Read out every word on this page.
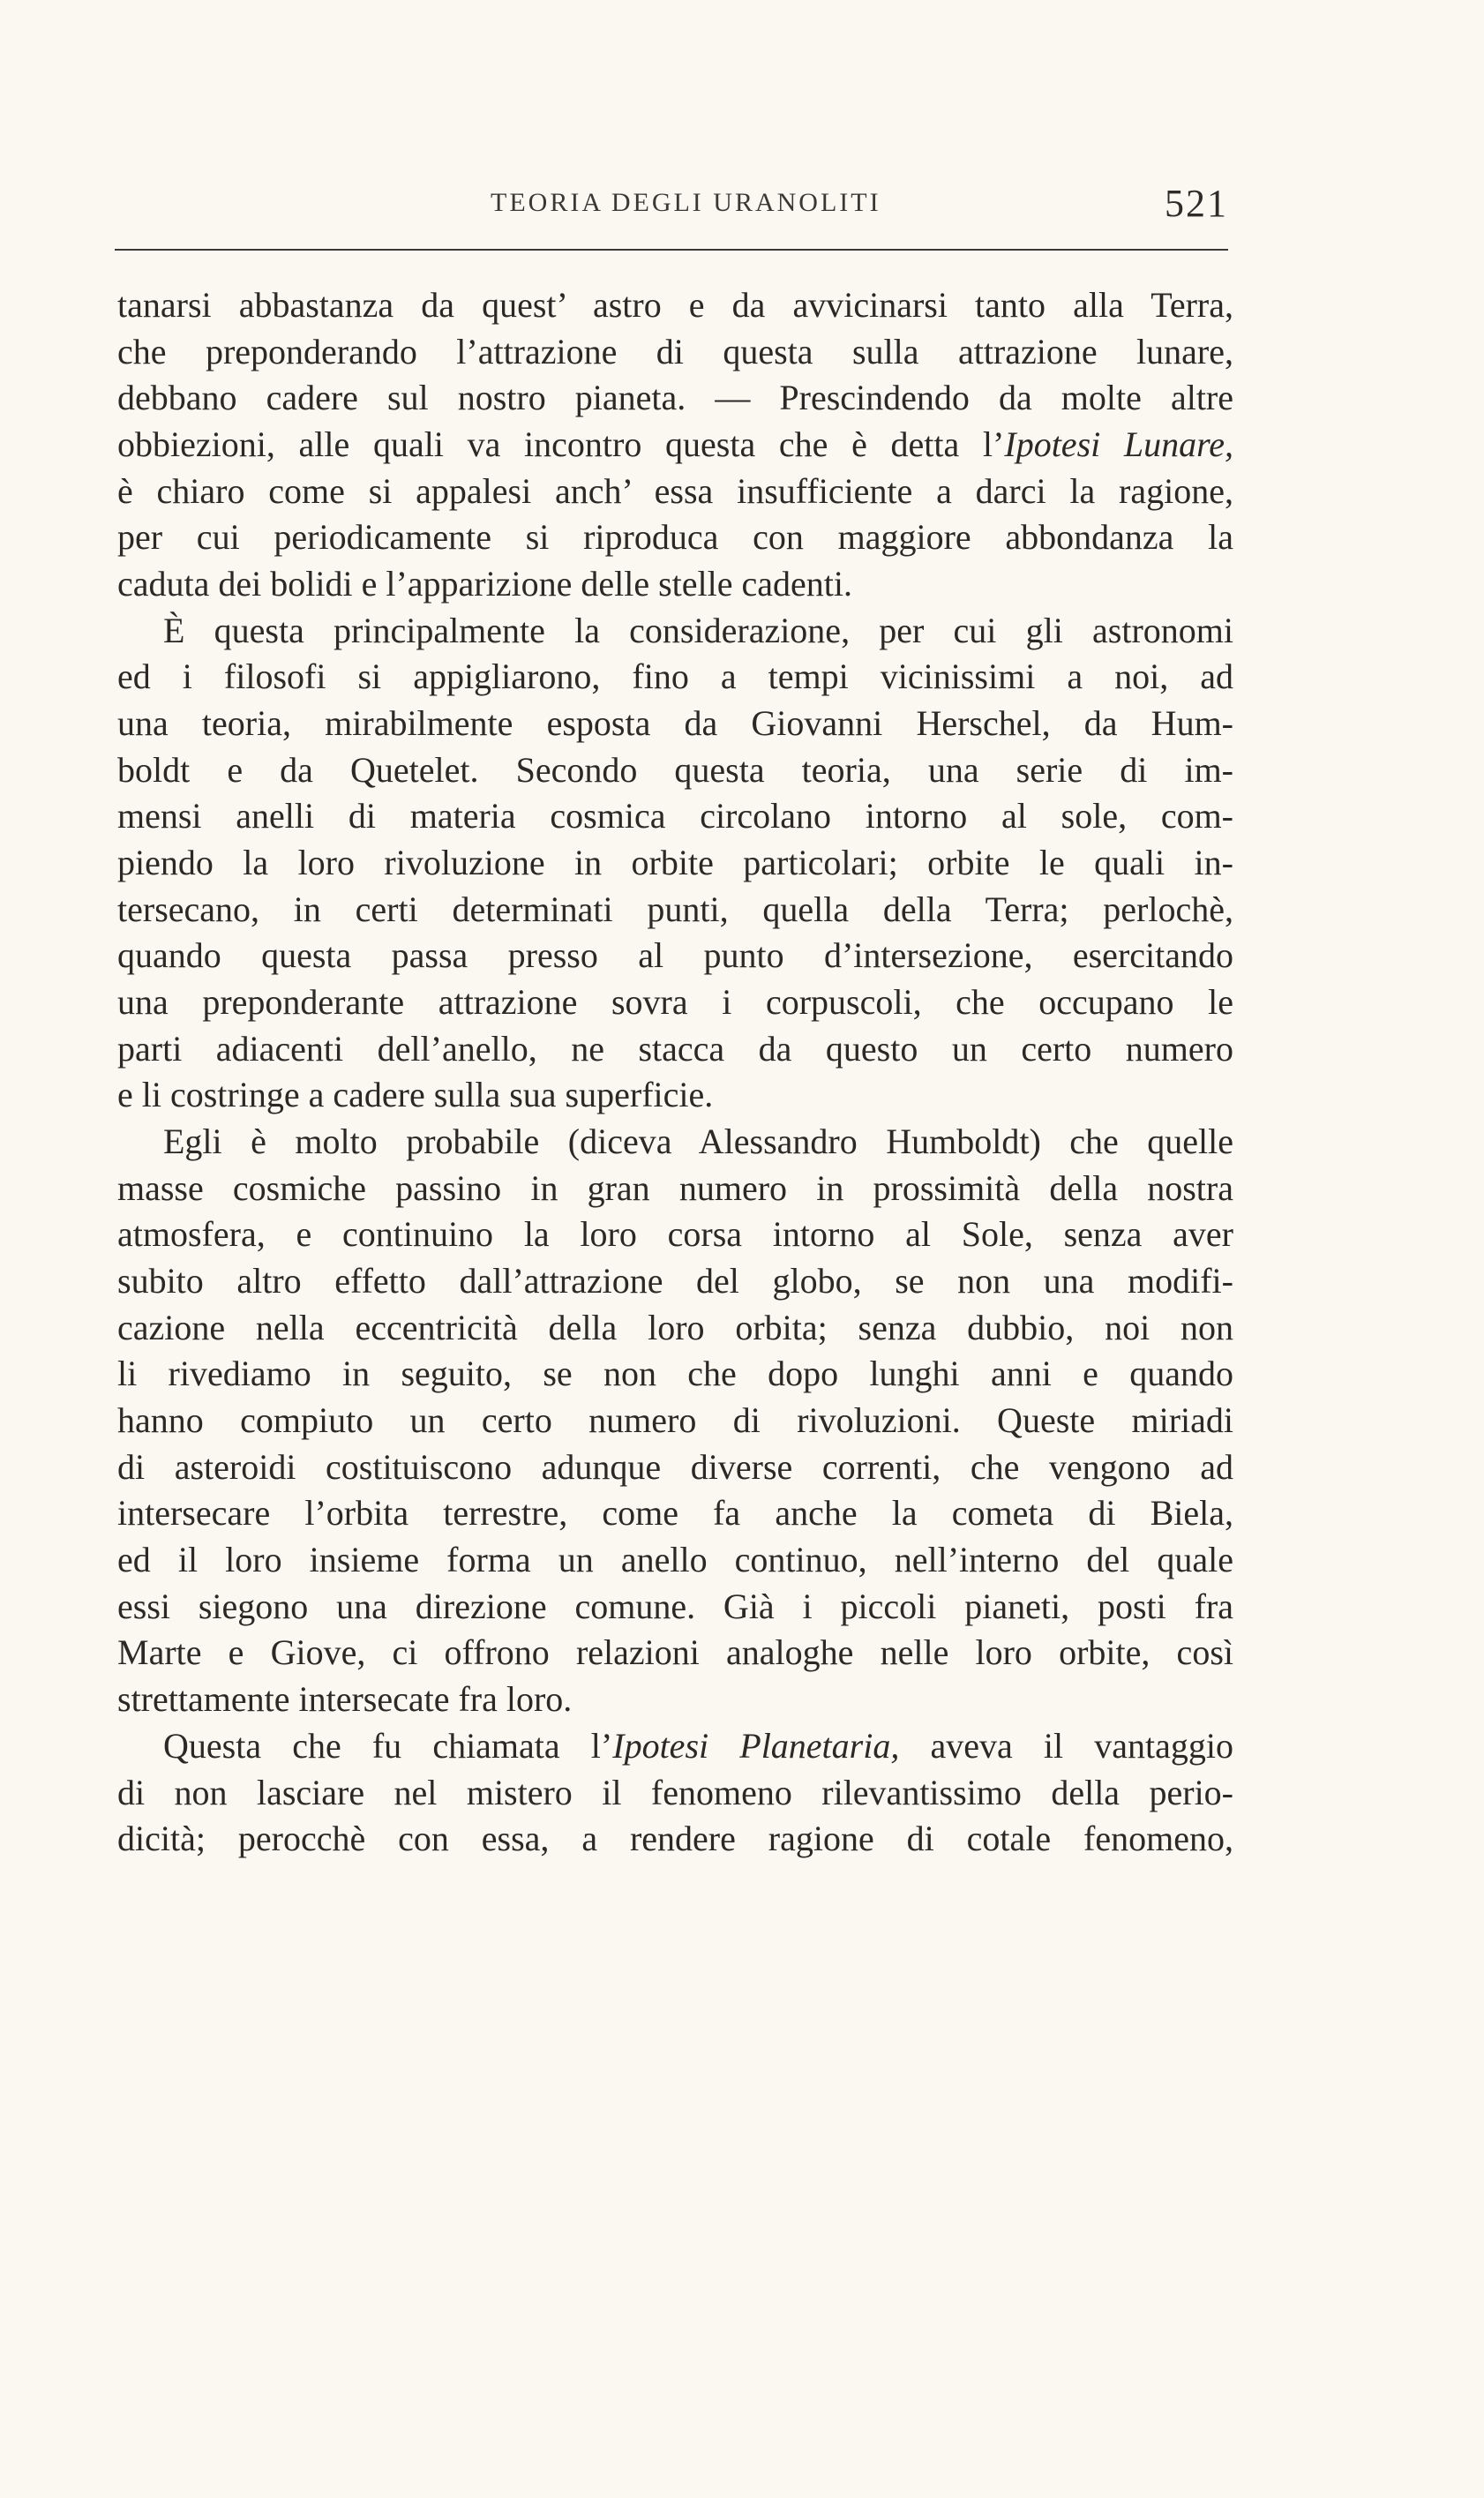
TEORIA DEGLI URANOLITI	521
tanarsi abbastanza da quest’ astro e da avvicinarsi tanto alla Terra,
che preponderando l’attrazione di questa sulla attrazione lunare,
debbano cadere sul nostro pianeta. — Prescindendo da molte altre
obbiezioni, alle quali va incontro questa che è detta l’Ipotesi Lunare,
è chiaro come si appalesi anch’ essa insufficiente a darci la ragione,
per cui periodicamente si riproduca con maggiore abbondanza la
caduta dei bolidi e l’apparizione delle stelle cadenti.
È questa principalmente la considerazione, per cui gli astronomi
ed i filosofi si appigliarono, fino a tempi vicinissimi a noi, ad
una teoria, mirabilmente esposta da Giovanni Herschel, da Hum-
boldt e da Quetelet. Secondo questa teoria, una serie di im-
mensi anelli di materia cosmica circolano intorno al sole, com-
piendo la loro rivoluzione in orbite particolari; orbite le quali in-
tersecano, in certi determinati punti, quella della Terra; perlochè,
quando questa passa presso al punto d’intersezione, esercitando
una preponderante attrazione sovra i corpuscoli, che occupano le
parti adiacenti dell’anello, ne stacca da questo un certo numero
e li costringe a cadere sulla sua superficie.
Egli è molto probabile (diceva Alessandro Humboldt) che quelle
masse cosmiche passino in gran numero in prossimità della nostra
atmosfera, e continuino la loro corsa intorno al Sole, senza aver
subito altro effetto dall’attrazione del globo, se non una modifi-
cazione nella eccentricità della loro orbita; senza dubbio, noi non
li rivediamo in seguito, se non che dopo lunghi anni e quando
hanno compiuto un certo numero di rivoluzioni. Queste miriadi
di asteroidi costituiscono adunque diverse correnti, che vengono ad
intersecare l’orbita terrestre, come fa anche la cometa di Biela,
ed il loro insieme forma un anello continuo, nell’interno del quale
essi siegono una direzione comune. Già i piccoli pianeti, posti fra
Marte e Giove, ci offrono relazioni analoghe nelle loro orbite, così
strettamente intersecate fra loro.
Questa che fu chiamata l’Ipotesi Planetaria, aveva il vantaggio
di non lasciare nel mistero il fenomeno rilevantissimo della perio-
dicità; perocchè con essa, a rendere ragione di cotale fenomeno,
